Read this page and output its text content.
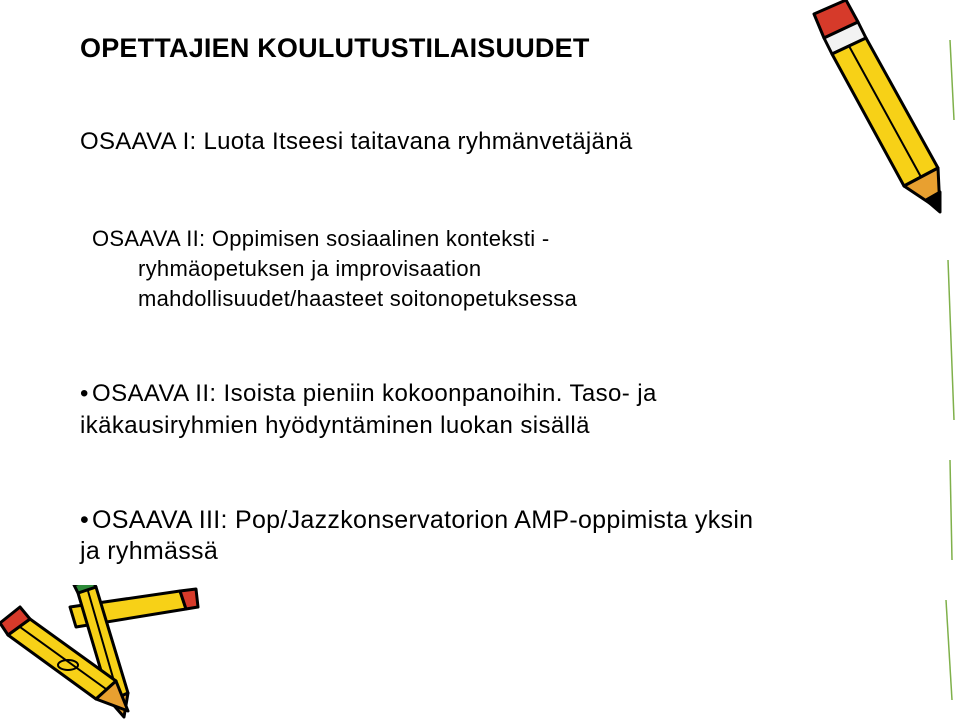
OPETTAJIEN KOULUTUSTILAISUUDET

OSAAVA I: Luota Itseesi taitavana ryhmänvetäjänä

OSAAVA II: Oppimisen sosiaalinen konteksti -
ryhmäopetuksen ja improvisaation
mahdollisuudet/haasteet soitonopetuksessa

• OSAAVA II: Isoista pieniin kokoonpanoihin. Taso- ja
ikäkausiryhmien hyödyntäminen luokan sisällä

• OSAAVA III: Pop/Jazzkonservatorion AMP-oppimista yksin
ja ryhmässä
